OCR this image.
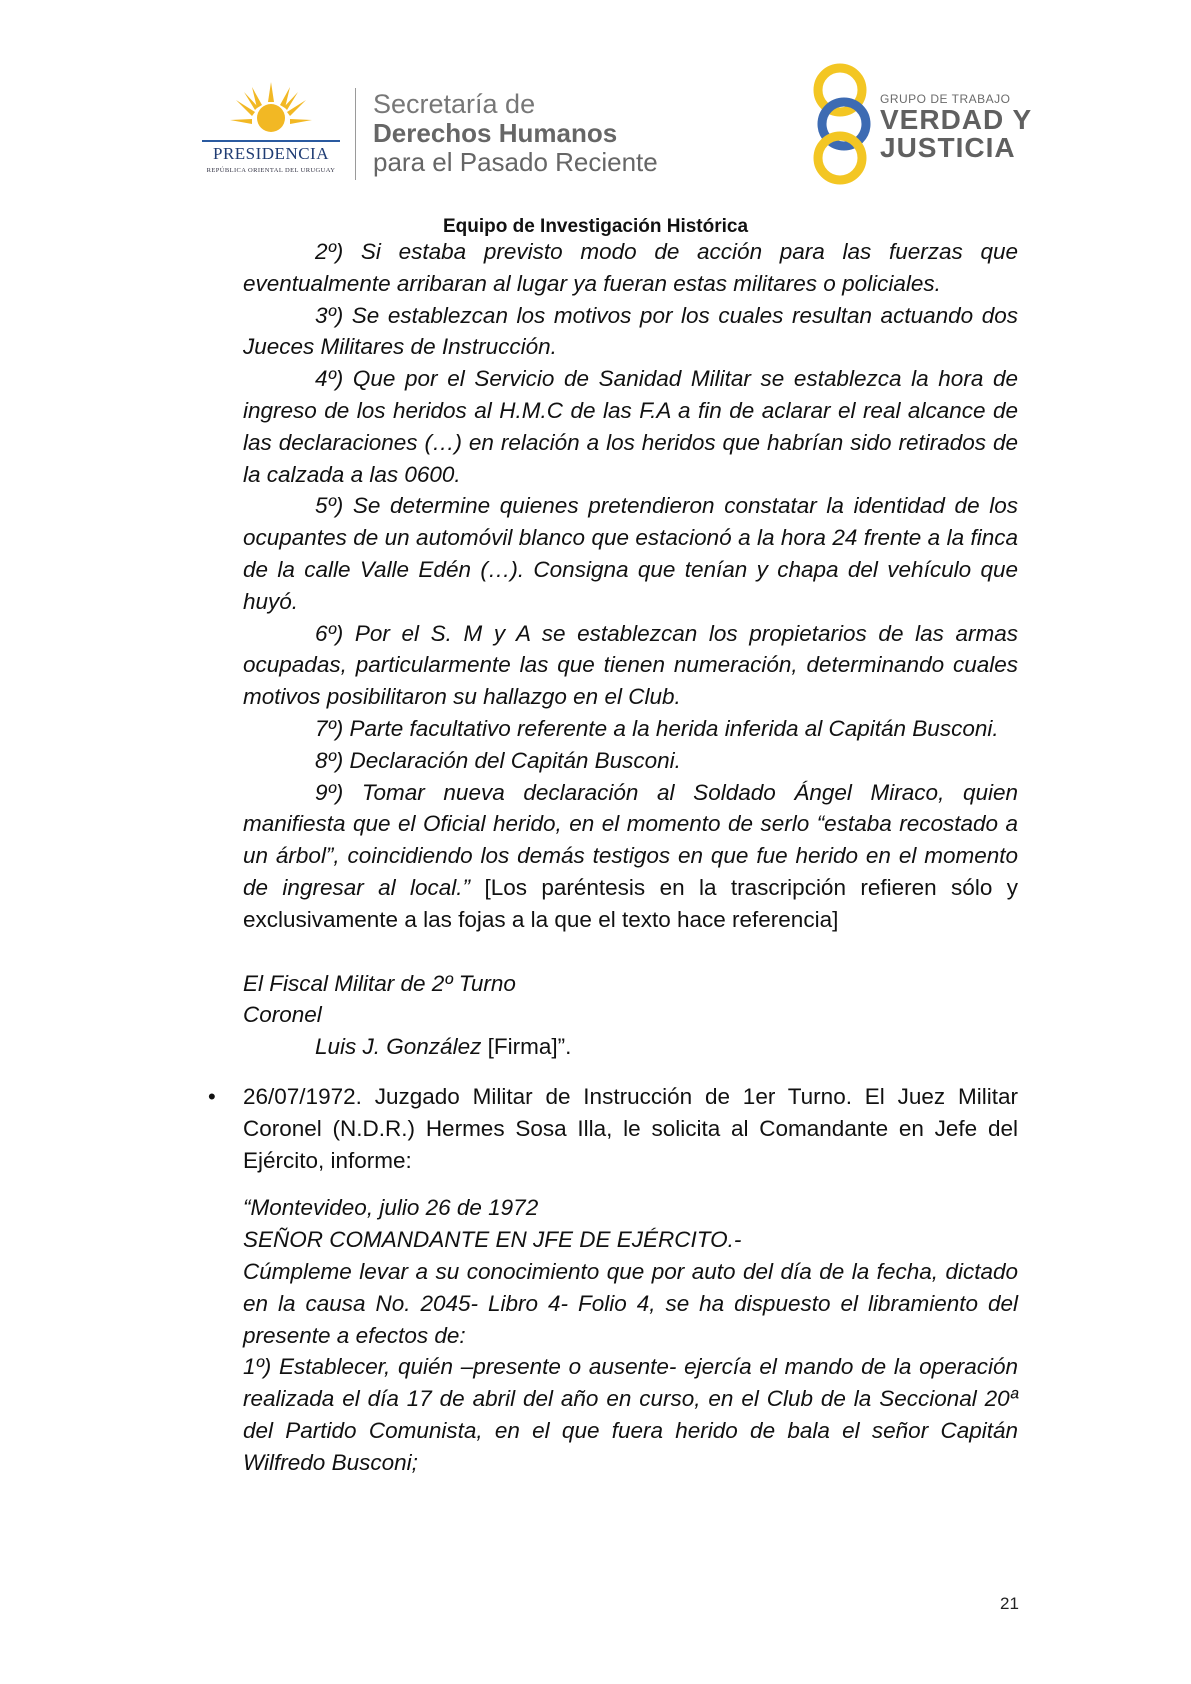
PRESIDENCIA
REPÚBLICA ORIENTAL DEL URUGUAY
Secretaría de
Derechos Humanos
para el Pasado Reciente
GRUPO DE TRABAJO
VERDAD Y
JUSTICIA
Equipo de Investigación Histórica

2º) Si estaba previsto modo de acción para las fuerzas que eventualmente arribaran al lugar ya fueran estas militares o policiales.

3º) Se establezcan los motivos por los cuales resultan actuando dos Jueces Militares de Instrucción.

4º) Que por el Servicio de Sanidad Militar se establezca la hora de ingreso de los heridos al H.M.C de las F.A a fin de aclarar el real alcance de las declaraciones (…) en relación a los heridos que habrían sido retirados de la calzada a las 0600.

5º) Se determine quienes pretendieron constatar la identidad de los ocupantes de un automóvil blanco que estacionó a la hora 24 frente a la finca de la calle Valle Edén (…). Consigna que tenían y chapa del vehículo que huyó.

6º) Por el S. M y A se establezcan los propietarios de las armas ocupadas, particularmente las que tienen numeración, determinando cuales motivos posibilitaron su hallazgo en el Club.

7º) Parte facultativo referente a la herida inferida al Capitán Busconi.

8º) Declaración del Capitán Busconi.

9º) Tomar nueva declaración al Soldado Ángel Miraco, quien manifiesta que el Oficial herido, en el momento de serlo “estaba recostado a un árbol”, coincidiendo los demás testigos en que fue herido en el momento de ingresar al local.” [Los paréntesis en la trascripción refieren sólo y exclusivamente a las fojas a la que el texto hace referencia]

El Fiscal Militar de 2º Turno

Coronel

Luis J. González [Firma]”.

• 26/07/1972. Juzgado Militar de Instrucción de 1er Turno. El Juez Militar Coronel (N.D.R.) Hermes Sosa Illa, le solicita al Comandante en Jefe del Ejército, informe:

“Montevideo, julio 26 de 1972

SEÑOR COMANDANTE EN JFE DE EJÉRCITO.-

Cúmpleme levar a su conocimiento que por auto del día de la fecha, dictado en la causa No. 2045- Libro 4- Folio 4, se ha dispuesto el libramiento del presente a efectos de:

1º) Establecer, quién –presente o ausente- ejercía el mando de la operación realizada el día 17 de abril del año en curso, en el Club de la Seccional 20ª del Partido Comunista, en el que fuera herido de bala el señor Capitán Wilfredo Busconi;

21
